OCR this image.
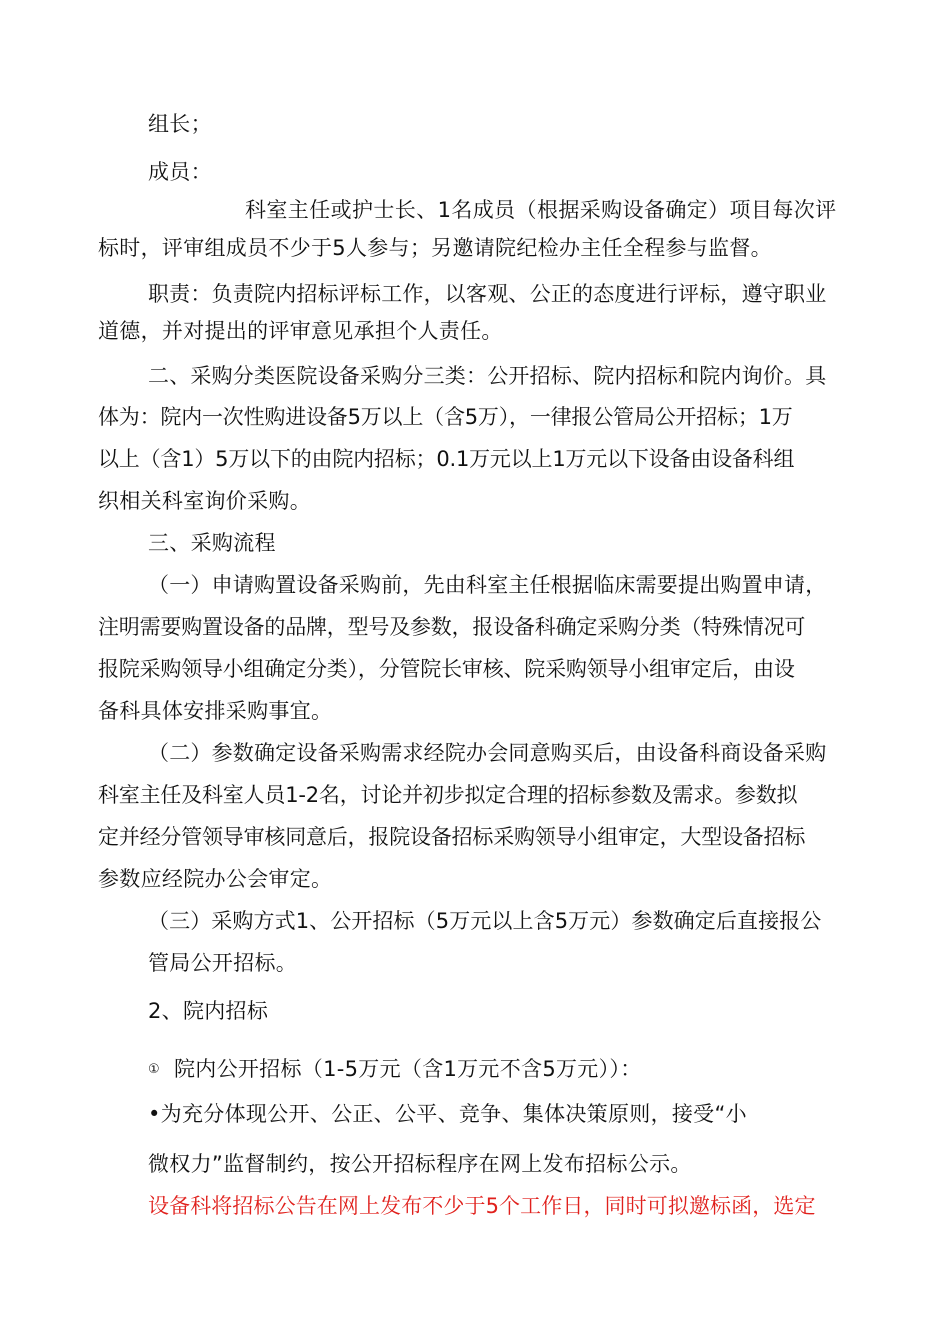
组长；

成员：

科室主任或护士长、1名成员（根据采购设备确定）项目每次评

标时，评审组成员不少于5人参与；另邀请院纪检办主任全程参与监督。

职责：负责院内招标评标工作，以客观、公正的态度进行评标，遵守职业

道德，并对提出的评审意见承担个人责任。

二、采购分类医院设备采购分三类：公开招标、院内招标和院内询价。具

体为：院内一次性购进设备5万以上（含5万），一律报公管局公开招标；1万

以上（含1）5万以下的由院内招标；0.1万元以上1万元以下设备由设备科组

织相关科室询价采购。

三、采购流程

（一）申请购置设备采购前，先由科室主任根据临床需要提出购置申请，

注明需要购置设备的品牌，型号及参数，报设备科确定采购分类（特殊情况可

报院采购领导小组确定分类），分管院长审核、院采购领导小组审定后，由设

备科具体安排采购事宜。

（二）参数确定设备采购需求经院办会同意购买后，由设备科商设备采购

科室主任及科室人员1-2名，讨论并初步拟定合理的招标参数及需求。参数拟

定并经分管领导审核同意后，报院设备招标采购领导小组审定，大型设备招标

参数应经院办公会审定。

（三）采购方式1、公开招标（5万元以上含5万元）参数确定后直接报公

管局公开招标。

2、院内招标

① 院内公开招标（1-5万元（含1万元不含5万元））：

•为充分体现公开、公正、公平、竞争、集体决策原则，接受“小

微权力”监督制约，按公开招标程序在网上发布招标公示。

设备科将招标公告在网上发布不少于5个工作日，同时可拟邀标函，选定
